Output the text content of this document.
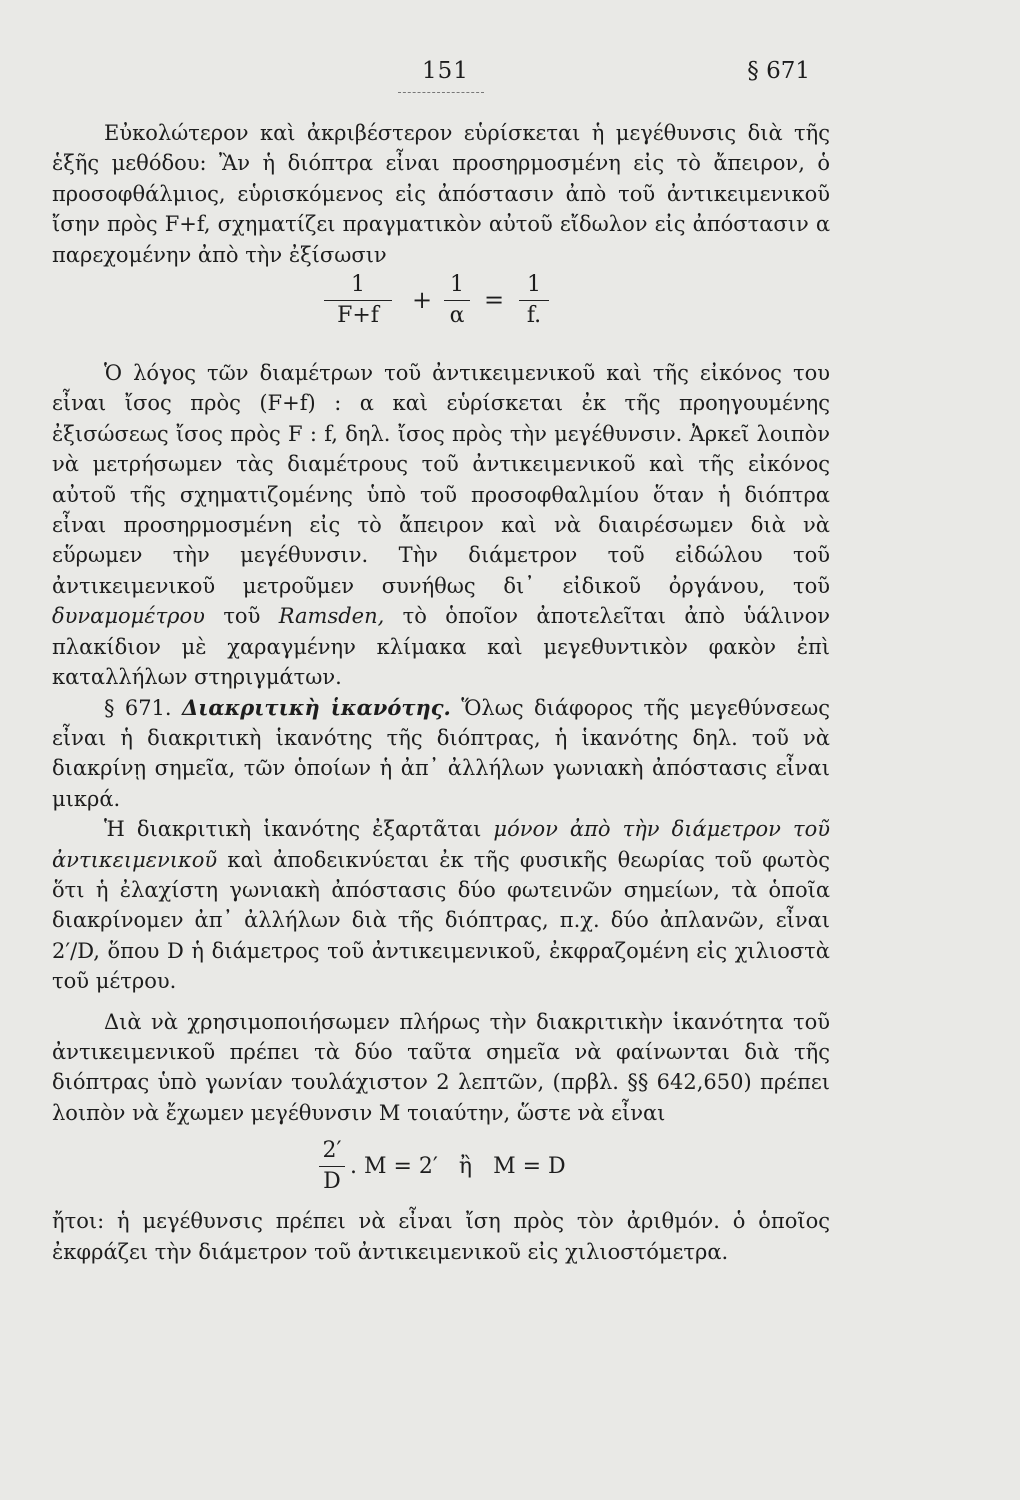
151	§ 671

Εὐκολώτερον καὶ ἀκριβέστερον εὑρίσκεται ἡ μεγέθυνσις διὰ τῆς ἑξῆς μεθόδου: Ἂν ἡ διόπτρα εἶναι προσηρμοσμένη εἰς τὸ ἄπειρον, ὁ προσοφθάλμιος, εὑρισκόμενος εἰς ἀπόστασιν ἀπὸ τοῦ ἀντικειμενικοῦ ἴσην πρὸς F+f, σχηματίζει πραγματικὸν αὐτοῦ εἴδωλον εἰς ἀπόστασιν α παρεχομένην ἀπὸ τὴν ἐξίσωσιν

1
F+f
+
1
α
=
1
f.

Ὁ λόγος τῶν διαμέτρων τοῦ ἀντικειμενικοῦ καὶ τῆς εἰκόνος του εἶναι ἴσος πρὸς (F+f) : α καὶ εὑρίσκεται ἐκ τῆς προηγουμένης ἐξισώσεως ἴσος πρὸς F : f, δηλ. ἴσος πρὸς τὴν μεγέθυνσιν. Ἀρκεῖ λοιπὸν νὰ μετρήσωμεν τὰς διαμέτρους τοῦ ἀντικειμενικοῦ καὶ τῆς εἰκόνος αὐτοῦ τῆς σχηματιζομένης ὑπὸ τοῦ προσοφθαλμίου ὅταν ἡ διόπτρα εἶναι προσηρμοσμένη εἰς τὸ ἄπειρον καὶ νὰ διαιρέσωμεν διὰ νὰ εὕρωμεν τὴν μεγέθυνσιν. Τὴν διάμετρον τοῦ εἰδώλου τοῦ ἀντικειμενικοῦ μετροῦμεν συνήθως δι᾽ εἰδικοῦ ὀργάνου, τοῦ δυναμομέτρου τοῦ Ramsden, τὸ ὁποῖον ἀποτελεῖται ἀπὸ ὑάλινον πλακίδιον μὲ χαραγμένην κλίμακα καὶ μεγεθυντικὸν φακὸν ἐπὶ καταλλήλων στηριγμάτων.

§ 671. Διακριτικὴ ἱκανότης. Ὅλως διάφορος τῆς μεγεθύνσεως εἶναι ἡ διακριτικὴ ἱκανότης τῆς διόπτρας, ἡ ἱκανότης δηλ. τοῦ νὰ διακρίνῃ σημεῖα, τῶν ὁποίων ἡ ἀπ᾽ ἀλλήλων γωνιακὴ ἀπόστασις εἶναι μικρά.

Ἡ διακριτικὴ ἱκανότης ἐξαρτᾶται μόνον ἀπὸ τὴν διάμετρον τοῦ ἀντικειμενικοῦ καὶ ἀποδεικνύεται ἐκ τῆς φυσικῆς θεωρίας τοῦ φωτὸς ὅτι ἡ ἐλαχίστη γωνιακὴ ἀπόστασις δύο φωτεινῶν σημείων, τὰ ὁποῖα διακρίνομεν ἀπ᾽ ἀλλήλων διὰ τῆς διόπτρας, π.χ. δύο ἀπλανῶν, εἶναι 2′/D, ὅπου D ἡ διάμετρος τοῦ ἀντικειμενικοῦ, ἐκφραζομένη εἰς χιλιοστὰ τοῦ μέτρου.

Διὰ νὰ χρησιμοποιήσωμεν πλήρως τὴν διακριτικὴν ἱκανότητα τοῦ ἀντικειμενικοῦ πρέπει τὰ δύο ταῦτα σημεῖα νὰ φαίνωνται διὰ τῆς διόπτρας ὑπὸ γωνίαν τουλάχιστον 2 λεπτῶν, (πρβλ. §§ 642,650) πρέπει λοιπὸν νὰ ἔχωμεν μεγέθυνσιν M τοιαύτην, ὥστε νὰ εἶναι

2′
D
. M = 2′   ἢ   M = D

ἤτοι: ἡ μεγέθυνσις πρέπει νὰ εἶναι ἴση πρὸς τὸν ἀριθμόν. ὁ ὁποῖος ἐκφράζει τὴν διάμετρον τοῦ ἀντικειμενικοῦ εἰς χιλιοστόμετρα.
